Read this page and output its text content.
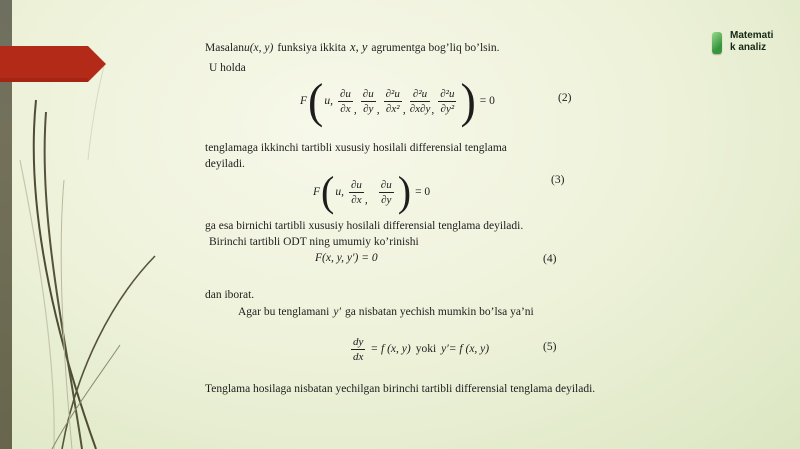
Matemati
k analiz
Masalanu(x, y) funksiya ikkita x, y agrumentga bog’liq bo’lsin.
U holda
F ( u, $\frac{\partial u}{\partial x}$ , $\frac{\partial u}{\partial y}$ , $\frac{\text{∂²u}}{\text{∂x²}}$ , $\frac{\text{∂²u}}{\partial x\partial y}$ , $\frac{\text{∂²u}}{\text{∂y²}}$ ) = 0	(2)
tenglamaga ikkinchi tartibli xususiy hosilali differensial tenglama
deyiladi.
F ( u, $\frac{\partial u}{\partial x}$ , $\frac{\partial u}{\partial y}$ ) = 0
(3)
ga esa birnichi tartibli xususiy hosilali differensial tenglama deyiladi.
Birinchi tartibli ODT ning umumiy ko’rinishi
F(x, y, y′) = 0	(4)
dan iborat.
Agar bu tenglamani y′ ga nisbatan yechish mumkin bo’lsa ya’ni
$\frac{dy}{dx} = f$ (x, y) yoki y′= f (x, y)	(5)
Tenglama hosilaga nisbatan yechilgan birinchi tartibli differensial tenglama deyiladi.
